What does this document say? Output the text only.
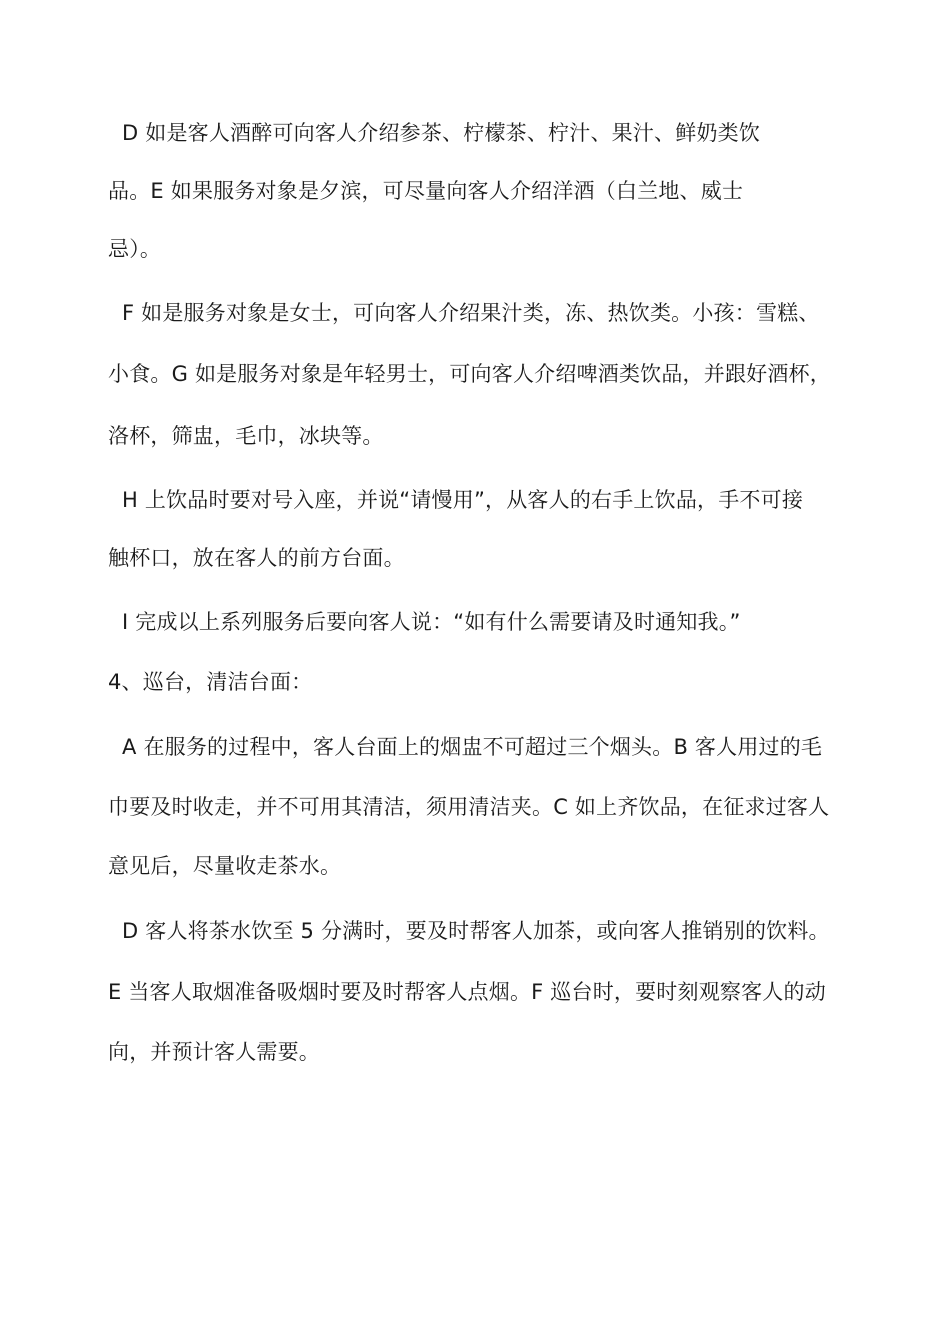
D 如是客人酒醉可向客人介绍参茶、柠檬茶、柠汁、果汁、鲜奶类饮
品。E 如果服务对象是夕滨，可尽量向客人介绍洋酒（白兰地、威士
忌）。
F 如是服务对象是女士，可向客人介绍果汁类，冻、热饮类。小孩：雪糕、
小食。G 如是服务对象是年轻男士，可向客人介绍啤酒类饮品，并跟好酒杯，
洛杯，筛盅，毛巾，冰块等。
H 上饮品时要对号入座，并说“请慢用”，从客人的右手上饮品，手不可接
触杯口，放在客人的前方台面。
I 完成以上系列服务后要向客人说：“如有什么需要请及时通知我。”
4、巡台，清洁台面：
A 在服务的过程中，客人台面上的烟盅不可超过三个烟头。B 客人用过的毛
巾要及时收走，并不可用其清洁，须用清洁夹。C 如上齐饮品，在征求过客人
意见后，尽量收走茶水。
D 客人将茶水饮至 5 分满时，要及时帮客人加茶，或向客人推销别的饮料。
E 当客人取烟准备吸烟时要及时帮客人点烟。F 巡台时，要时刻观察客人的动
向，并预计客人需要。
